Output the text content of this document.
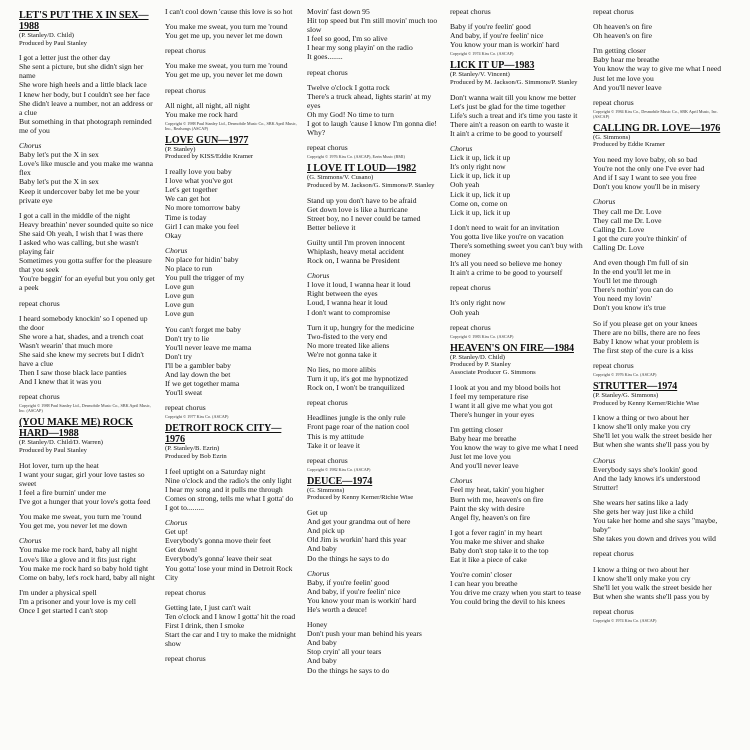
LET'S PUT THE X IN SEX—1988
(P. Stanley/D. Child)
Produced by Paul Stanley
I got a letter just the other day
She sent a picture, but she didn't sign her name
She wore high heels and a little black lace
I knew her body, but I couldn't see her face
She didn't leave a number, not an address or a clue
But something in that photograph reminded me of you
Chorus
Baby let's put the X in sex
Love's like muscle and you make me wanna flex
Baby let's put the X in sex
Keep it undercover baby let me be your private eye
I got a call in the middle of the night
Heavy breathin' never sounded quite so nice
She said Oh yeah, I wish that I was there
I asked who was calling, but she wasn't playing fair
Sometimes you gotta suffer for the pleasure that you seek
You're beggin' for an eyeful but you only get a peek
repeat chorus
I heard somebody knockin' so I opened up the door
She wore a hat, shades, and a trench coat
Wasn't wearin' that much more
She said she knew my secrets but I didn't have a clue
Then I saw those black lace panties
And I knew that it was you
repeat chorus
Copyright © 1988 Paul Stanley Ltd., Desmobile Music Co., SBK April Music, Inc. (ASCAP)
(YOU MAKE ME) ROCK HARD—1988
(P. Stanley/D. Child/D. Warren)
Produced by Paul Stanley
Hot lover, turn up the heat
I want your sugar, girl your love tastes so sweet
I feel a fire burnin' under me
I've got a hunger that your love's gotta feed
You make me sweat, you turn me 'round
You get me, you never let me down
Chorus
You make me rock hard, baby all night
Love's like a glove and it fits just right
You make me rock hard so baby hold tight
Come on baby, let's rock hard, baby all night
I'm under a physical spell
I'm a prisoner and your love is my cell
Once I get started I can't stop
I can't cool down 'cause this love is so hot
You make me sweat, you turn me 'round
You get me up, you never let me down
repeat chorus
You make me sweat, you turn me 'round
You get me up, you never let me down
repeat chorus
All night, all night, all night
You make me rock hard
Copyright © 1988 Paul Stanley Ltd., Desmobile Music Co., SBK April Music, Inc., Realsongs (ASCAP)
LOVE GUN—1977
(P. Stanley)
Produced by KISS/Eddie Kramer
I really love you baby
I love what you've got
Let's get together
We can get hot
No more tomorrow baby
Time is today
Girl I can make you feel
Okay
Chorus
No place for hidin' baby
No place to run
You pull the trigger of my
Love gun
Love gun
Love gun
Love gun
You can't forget me baby
Don't try to lie
You'll never leave me mama
Don't try
I'll be a gambler baby
And lay down the bet
If we get together mama
You'll sweat
repeat chorus
Copyright © 1977 Kiss Co. (ASCAP)
DETROIT ROCK CITY—1976
(P. Stanley/B. Ezrin)
Produced by Bob Ezrin
I feel uptight on a Saturday night
Nine o'clock and the radio's the only light
I hear my song and it pulls me through
Comes on strong, tells me what I gotta' do
I got to.........
Chorus
Get up!
Everybody's gonna move their feet
Get down!
Everybody's gonna' leave their seat
You gotta' lose your mind in Detroit Rock City
repeat chorus
Getting late, I just can't wait
Ten o'clock and I know I gotta' hit the road
First I drink, then I smoke
Start the car and I try to make the midnight show
repeat chorus
Movin' fast down 95
Hit top speed but I'm still movin' much too slow
I feel so good, I'm so alive
I hear my song playin' on the radio
It goes........
repeat chorus
Twelve o'clock I gotta rock
There's a truck ahead, lights starin' at my eyes
Oh my God! No time to turn
I got to laugh 'cause I know I'm gonna die!
Why?
repeat chorus
Copyright © 1976 Kiss Co. (ASCAP), Ezrin Music (BMI)
I LOVE IT LOUD—1982
(G. Simmons/V. Cusano)
Produced by M. Jackson/G. Simmons/P. Stanley
Stand up you don't have to be afraid
Get down love is like a hurricane
Street boy, no I never could be tamed
Better believe it
Guilty until I'm proven innocent
Whiplash, heavy metal accident
Rock on, I wanna be President
Chorus
I love it loud, I wanna hear it loud
Right between the eyes
Loud, I wanna hear it loud
I don't want to compromise
Turn it up, hungry for the medicine
Two-fisted to the very end
No more treated like aliens
We're not gonna take it
No lies, no more alibis
Turn it up, it's got me hypnotized
Rock on, I won't be tranquilized
repeat chorus
Headlines jungle is the only rule
Front page roar of the nation cool
This is my attitude
Take it or leave it
repeat chorus
Copyright © 1982 Kiss Co. (ASCAP)
DEUCE—1974
(G. Simmons)
Produced by Kenny Kerner/Richie Wise
Get up
And get your grandma out of here
And pick up
Old Jim is workin' hard this year
And baby
Do the things he says to do
Chorus
Baby, if you're feelin' good
And baby, if you're feelin' nice
You know your man is workin' hard
He's worth a deuce!
Honey
Don't push your man behind his years
And baby
Stop cryin' all your tears
And baby
Do the things he says to do
repeat chorus
Baby if you're feelin' good
And baby, if you're feelin' nice
You know your man is workin' hard
Copyright © 1974 Kiss Co. (ASCAP)
LICK IT UP—1983
(P. Stanley/V. Vincent)
Produced by M. Jackson/G. Simmons/P. Stanley
Don't wanna wait till you know me better
Let's just be glad for the time together
Life's such a treat and it's time you taste it
There ain't a reason on earth to waste it
It ain't a crime to be good to yourself
Chorus
Lick it up, lick it up
It's only right now
Lick it up, lick it up
Ooh yeah
Lick it up, lick it up
Come on, come on
Lick it up, lick it up
I don't need to wait for an invitation
You gotta live like you're on vacation
There's something sweet you can't buy with money
It's all you need so believe me honey
It ain't a crime to be good to yourself
repeat chorus
It's only right now
Ooh yeah
repeat chorus
Copyright © 1983 Kiss Co. (ASCAP)
HEAVEN'S ON FIRE—1984
(P. Stanley/D. Child)
Produced by P. Stanley
Associate Producer G. Simmons
I look at you and my blood boils hot
I feel my temperature rise
I want it all give me what you got
There's hunger in your eyes
I'm getting closer
Baby hear me breathe
You know the way to give me what I need
Just let me love you
And you'll never leave
Chorus
Feel my heat, takin' you higher
Burn with me, heaven's on fire
Paint the sky with desire
Angel fly, heaven's on fire
I got a fever ragin' in my heart
You make me shiver and shake
Baby don't stop take it to the top
Eat it like a piece of cake
You're comin' closer
I can hear you breathe
You drive me crazy when you start to tease
You could bring the devil to his knees
repeat chorus
Oh heaven's on fire
Oh heaven's on fire
I'm getting closer
Baby hear me breathe
You know the way to give me what I need
Just let me love you
And you'll never leave
repeat chorus
Copyright © 1984 Kiss Co., Desmobile Music Co., SBK April Music, Inc. (ASCAP)
CALLING DR. LOVE—1976
(G. Simmons)
Produced by Eddie Kramer
You need my love baby, oh so bad
You're not the only one I've ever had
And if I say I want to see you free
Don't you know you'll be in misery
Chorus
They call me Dr. Love
They call me Dr. Love
Calling Dr. Love
I got the cure you're thinkin' of
Calling Dr. Love
And even though I'm full of sin
In the end you'll let me in
You'll let me through
There's nothin' you can do
You need my lovin'
Don't you know it's true
So if you please get on your knees
There are no bills, there are no fees
Baby I know what your problem is
The first step of the cure is a kiss
repeat chorus
Copyright © 1976 Kiss Co. (ASCAP)
STRUTTER—1974
(P. Stanley/G. Simmons)
Produced by Kenny Kerner/Richie Wise
I know a thing or two about her
I know she'll only make you cry
She'll let you walk the street beside her
But when she wants she'll pass you by
Chorus
Everybody says she's lookin' good
And the lady knows it's understood
Strutter!
She wears her satins like a lady
She gets her way just like a child
You take her home and she says "maybe, baby"
She takes you down and drives you wild
repeat chorus
I know a thing or two about her
I know she'll only make you cry
She'll let you walk the street beside her
But when she wants she'll pass you by
repeat chorus
Copyright © 1974 Kiss Co. (ASCAP)
